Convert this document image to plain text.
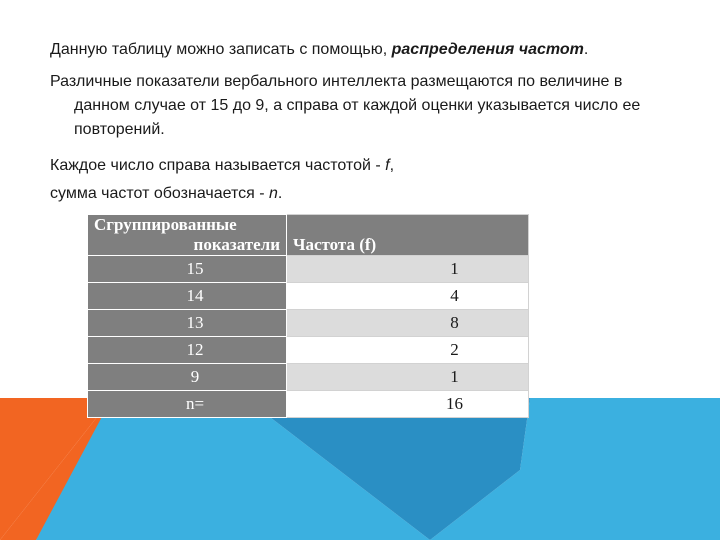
Данную таблицу можно записать с помощью, распределения частот.
Различные показатели вербального интеллекта размещаются по величине в данном случае от 15 до 9, а справа от каждой оценки указывается число ее повторений.
Каждое число справа называется частотой - f,
сумма частот обозначается - n.
Сгруппированные
показатели	Частота (f)
15	1
14	4
13	8
12	2
9	1
n=	16
